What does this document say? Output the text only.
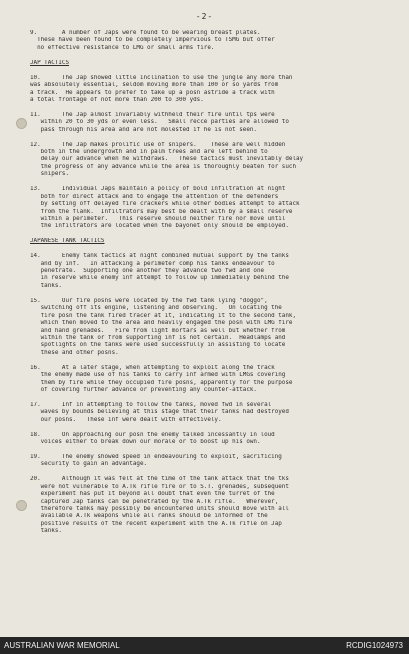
-2-
9.       A number of Japs were found to be wearing breast plates.
These have been found to be completely impervious to TSMG but offer
no effective resistance to LMG or small arms fire.
JAP TACTICS
10.      The Jap showed little inclination to use the jungle any more than
was absolutely essential, seldom moving more than 100 or so yards from
a track.  He appears to prefer to take up a posn astride a track with
a total frontage of not more than 200 to 300 yds.
11.      The Jap almost invariably withheld their fire until tps were
within 20 to 30 yds or even less.   Small recce parties are allowed to
pass through his area and are not molested if he is not seen.
12.      The Jap makes prolific use of snipers.    These are well hidden
both in the undergrowth and in palm trees and are left behind to
delay our advance when he withdraws.   These tactics must inevitably delay
the progress of any advance while the area is thoroughly beaten for such
snipers.
13.      Individual Japs maintain a policy of bold infiltration at night
both for direct attack and to engage the attention of the defenders
by setting off delayed fire crackers while other bodies attempt to attack
from the flank.  Infiltrators may best be dealt with by a small reserve
within a perimeter.   This reserve should neither fire nor move until
the infiltrators are located when the bayonet only should be employed.
JAPANESE TANK TACTICS
14.      Enemy tank tactics at night combined mutual support by the tanks
and by inf.   In attacking a perimeter comp his tanks endeavour to
penetrate.  Supporting one another they advance two fwd and one
in reserve while enemy inf attempt to follow up immediately behind the
tanks.
15.      Our fire posns were located by the fwd tank lying "doggo",
switching off its engine, listening and observing.   On locating the
fire posn the tank fired tracer at it, indicating it to the second tank,
which then moved to the area and heavily engaged the posn with LMG fire
and hand grenades.   Fire from light mortars as well but whether from
within the tank or from supporting inf is not certain.  Headlamps and
spotlights on the tanks were used successfully in assisting to locate
these and other posns.
16.      At a later stage, when attempting to exploit along the track
the enemy made use of his tanks to carry inf armed with LMGs covering
them by fire while they occupied fire posns, apparently for the purpose
of covering further advance or preventing any counter-attack.
17.      Inf in attempting to follow the tanks, moved fwd in several
waves by bounds believing at this stage that their tanks had destroyed
our posns.   These inf were dealt with effectively.
18.      On approaching our posn the enemy talked incessantly in loud
voices either to break down our morale or to boost up his own.
19.      The enemy showed speed in endeavouring to exploit, sacrificing
security to gain an advantage.
20.      Although it was felt at the time of the tank attack that the tks
were not vulnerable to A.Tk rifle fire or to S.T. grenades, subsequent
experiment has put it beyond all doubt that even the turret of the
captured Jap tanks can be penetrated by the A.Tk rifle.   Wherever,
therefore tanks may possibly be encountered units should move with all
available A.Tk weapons while all ranks should be informed of the
positive results of the recent experiment with the A.Tk rifle on Jap
tanks.
AUSTRALIAN WAR MEMORIAL	RCDIG1024973
